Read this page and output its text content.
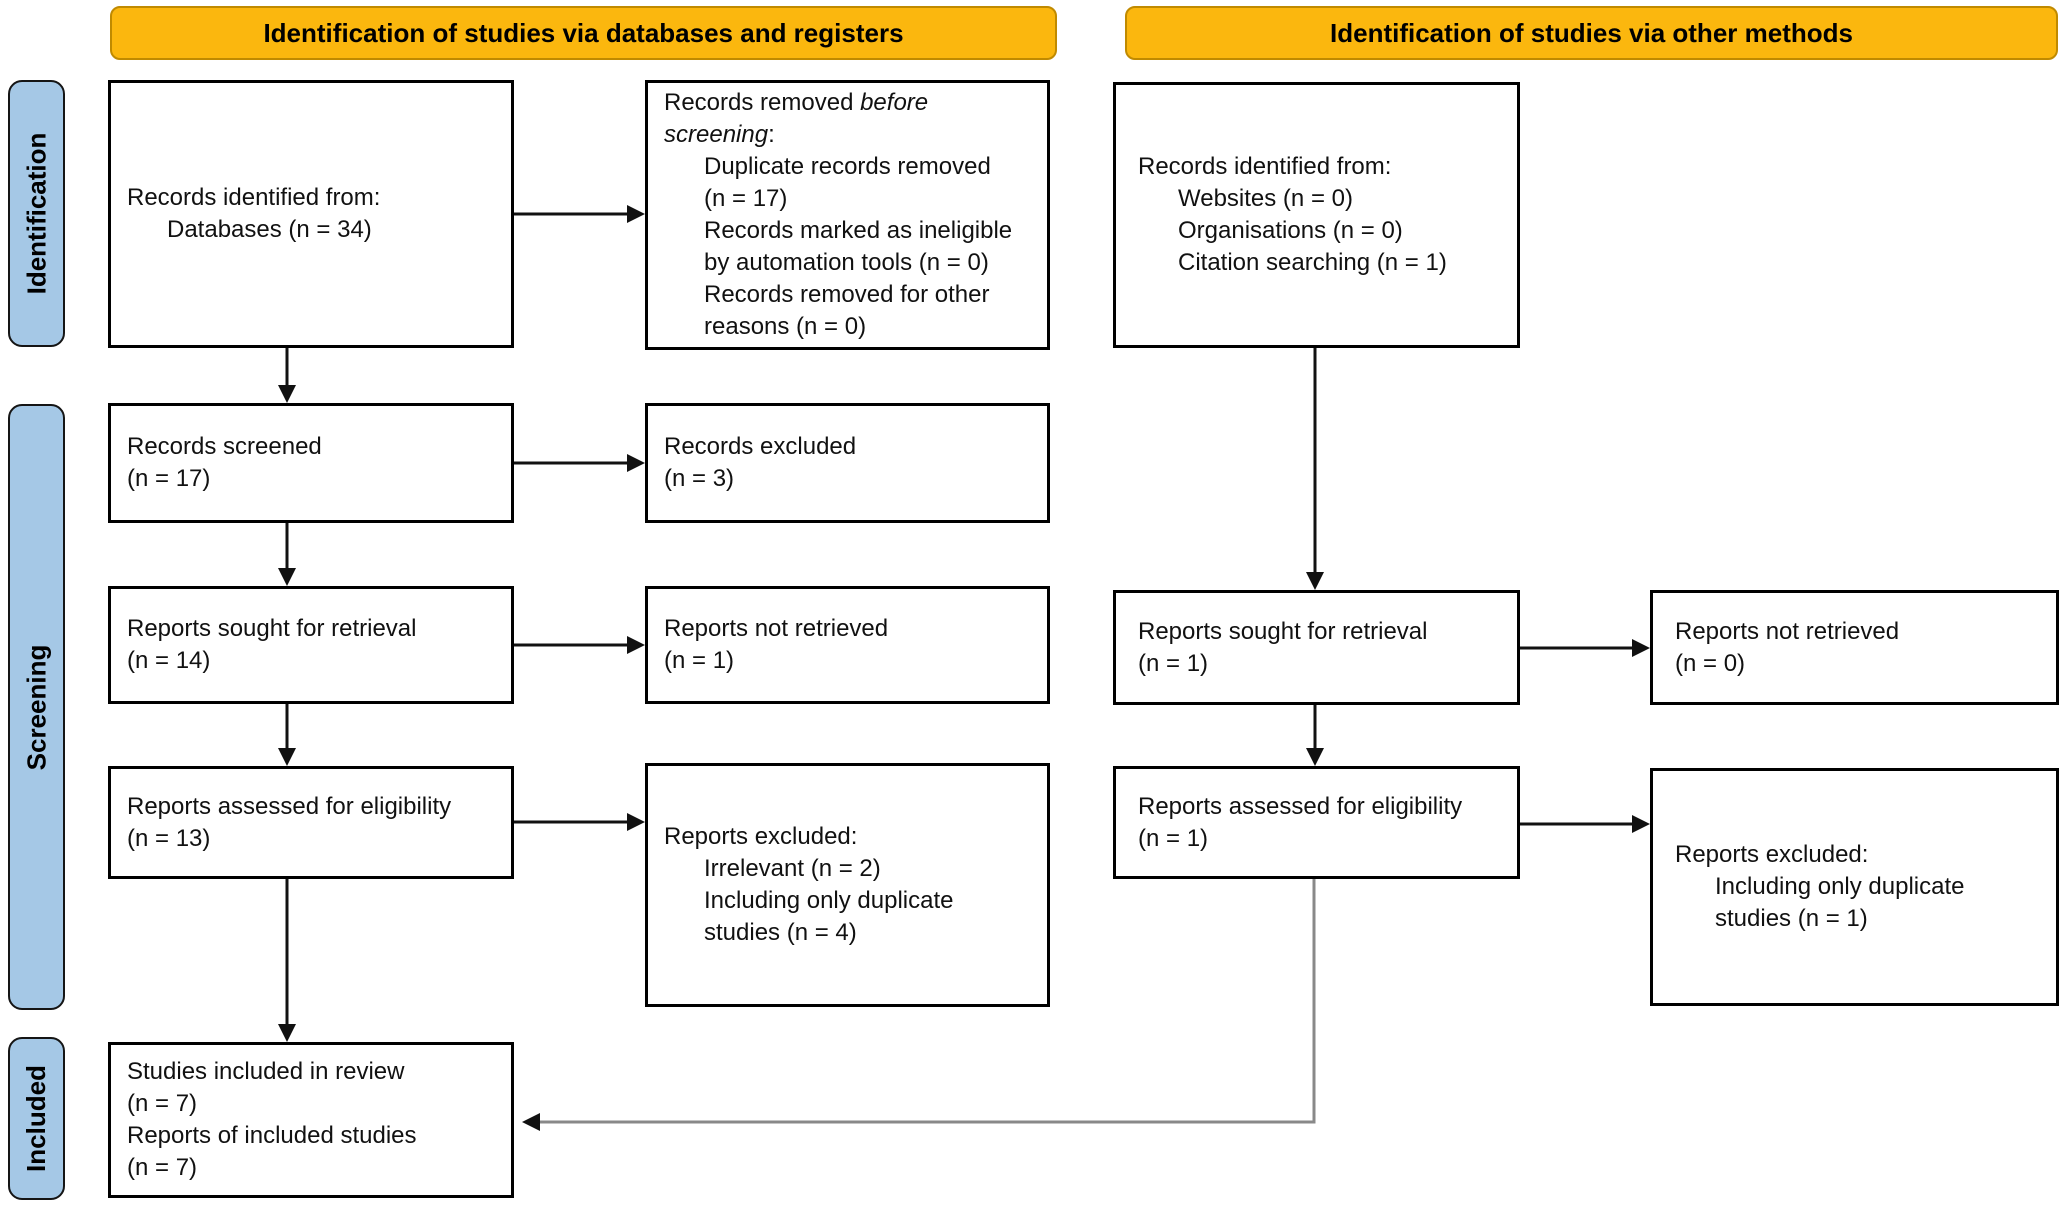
Identification of studies via databases and registers	Identification of studies via other methods
Identification
Screening
Included
Records identified from:
Databases (n = 34)
Records screened
(n = 17)
Reports sought for retrieval
(n = 14)
Reports assessed for eligibility
(n = 13)
Studies included in review
(n = 7)
Reports of included studies
(n = 7)
Records removed before
screening:
Duplicate records removed
(n = 17)
Records marked as ineligible
by automation tools (n = 0)
Records removed for other
reasons (n = 0)
Records excluded
(n = 3)
Reports not retrieved
(n = 1)
Reports excluded:
Irrelevant (n = 2)
Including only duplicate
studies (n = 4)
Records identified from:
Websites (n = 0)
Organisations (n = 0)
Citation searching (n = 1)
Reports sought for retrieval
(n = 1)
Reports assessed for eligibility
(n = 1)
Reports not retrieved
(n = 0)
Reports excluded:
Including only duplicate
studies (n = 1)
